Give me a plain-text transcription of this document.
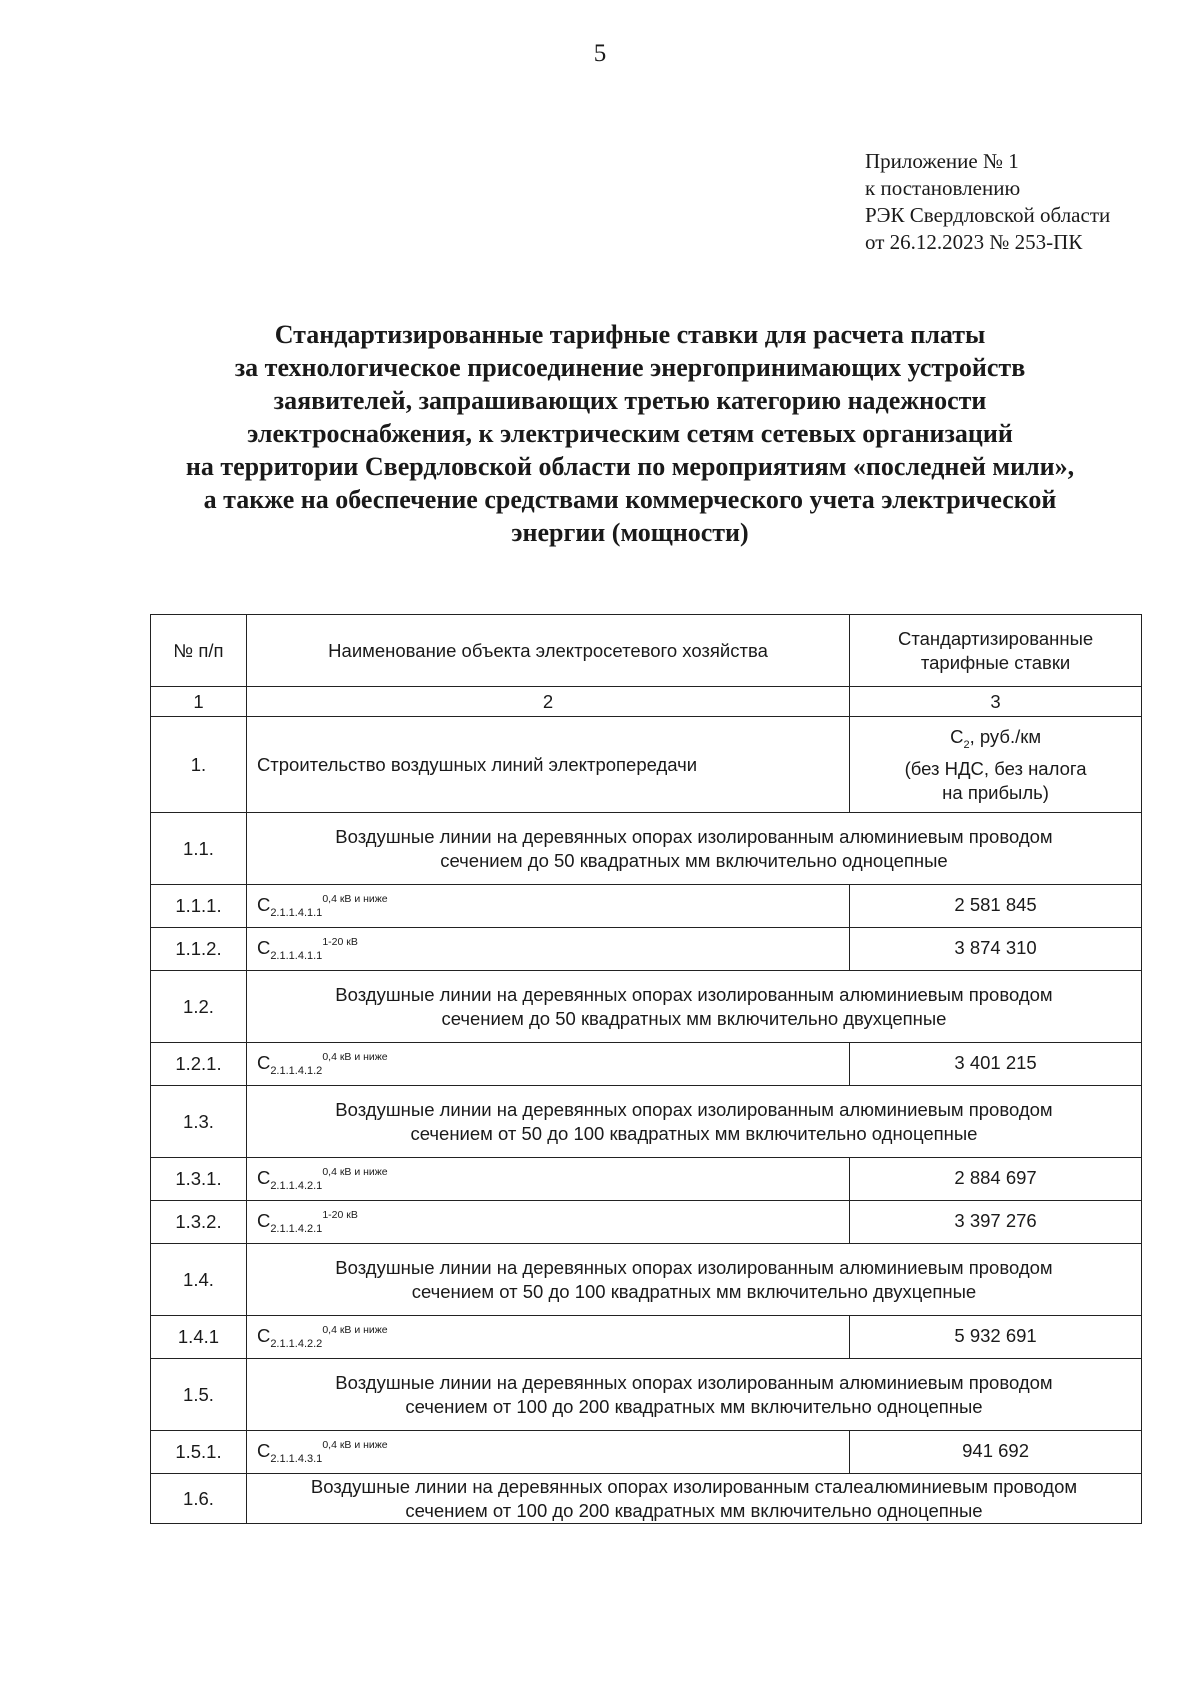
5
Приложение № 1
к постановлению
РЭК Свердловской области
от 26.12.2023 № 253-ПК
Стандартизированные тарифные ставки для расчета платы
за технологическое присоединение энергопринимающих устройств
заявителей, запрашивающих третью категорию надежности
электроснабжения, к электрическим сетям сетевых организаций
на территории Свердловской области по мероприятиям «последней мили»,
а также на обеспечение средствами коммерческого учета электрической
энергии (мощности)
№ п/п	Наименование объекта электросетевого хозяйства	Стандартизированные
тарифные ставки

1	2	3
1.	Строительство воздушных линий электропередачи	$С_2$, руб./км
(без НДС, без налога
на прибыль)

1.1.	Воздушные линии на деревянных опорах изолированным алюминиевым проводом
сечением до 50 квадратных мм включительно одноцепные	

1.1.1.	$С_{2.1.1.4.1.1}^{0,4 кВ и ниже}$	2 581 845
1.1.2.	$С_{2.1.1.4.1.1}^{1-20 кВ}$	3 874 310
1.2.	Воздушные линии на деревянных опорах изолированным алюминиевым проводом
сечением до 50 квадратных мм включительно двухцепные	

1.2.1.	$С_{2.1.1.4.1.2}^{0,4 кВ и ниже}$	3 401 215
1.3.	Воздушные линии на деревянных опорах изолированным алюминиевым проводом
сечением от 50 до 100 квадратных мм включительно одноцепные	

1.3.1.	$С_{2.1.1.4.2.1}^{0,4 кВ и ниже}$	2 884 697
1.3.2.	$С_{2.1.1.4.2.1}^{1-20 кВ}$	3 397 276
1.4.	Воздушные линии на деревянных опорах изолированным алюминиевым проводом
сечением от 50 до 100 квадратных мм включительно двухцепные	

1.4.1	$С_{2.1.1.4.2.2}^{0,4 кВ и ниже}$	5 932 691
1.5.	Воздушные линии на деревянных опорах изолированным алюминиевым проводом
сечением от 100 до 200 квадратных мм включительно одноцепные	

1.5.1.	$С_{2.1.1.4.3.1}^{0,4 кВ и ниже}$	941 692
1.6.	Воздушные линии на деревянных опорах изолированным сталеалюминиевым проводом
сечением от 100 до 200 квадратных мм включительно одноцепные	
